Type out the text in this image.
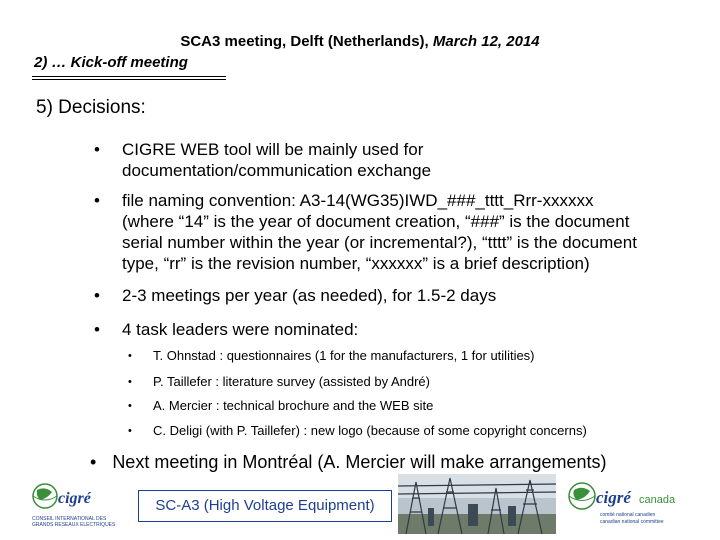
SCA3 meeting, Delft (Netherlands), March 12, 2014
2) … Kick-off meeting
5) Decisions:
• CIGRE WEB tool will be mainly used for
documentation/communication exchange
• file naming convention: A3-14(WG35)IWD_###_tttt_Rrr-xxxxxx
(where “14” is the year of document creation, “###” is the document
serial number within the year (or incremental?), “tttt” is the document
type, “rr” is the revision number, “xxxxxx” is a brief description)
• 2-3 meetings per year (as needed), for 1.5-2 days
• 4 task leaders were nominated:
• T. Ohnstad : questionnaires (1 for the manufacturers, 1 for utilities)
• P. Taillefer : literature survey (assisted by André)
• A. Mercier : technical brochure and the WEB site
• C. Deligi (with P. Taillefer) : new logo (because of some copyright concerns)
• Next meeting in Montréal (A. Mercier will make arrangements)
cigré
CONSEIL INTERNATIONAL DES
GRANDS RESEAUX ELECTRIQUES
SC-A3 (High Voltage Equipment)	cigré canada
comité national canadien
canadian national committee
